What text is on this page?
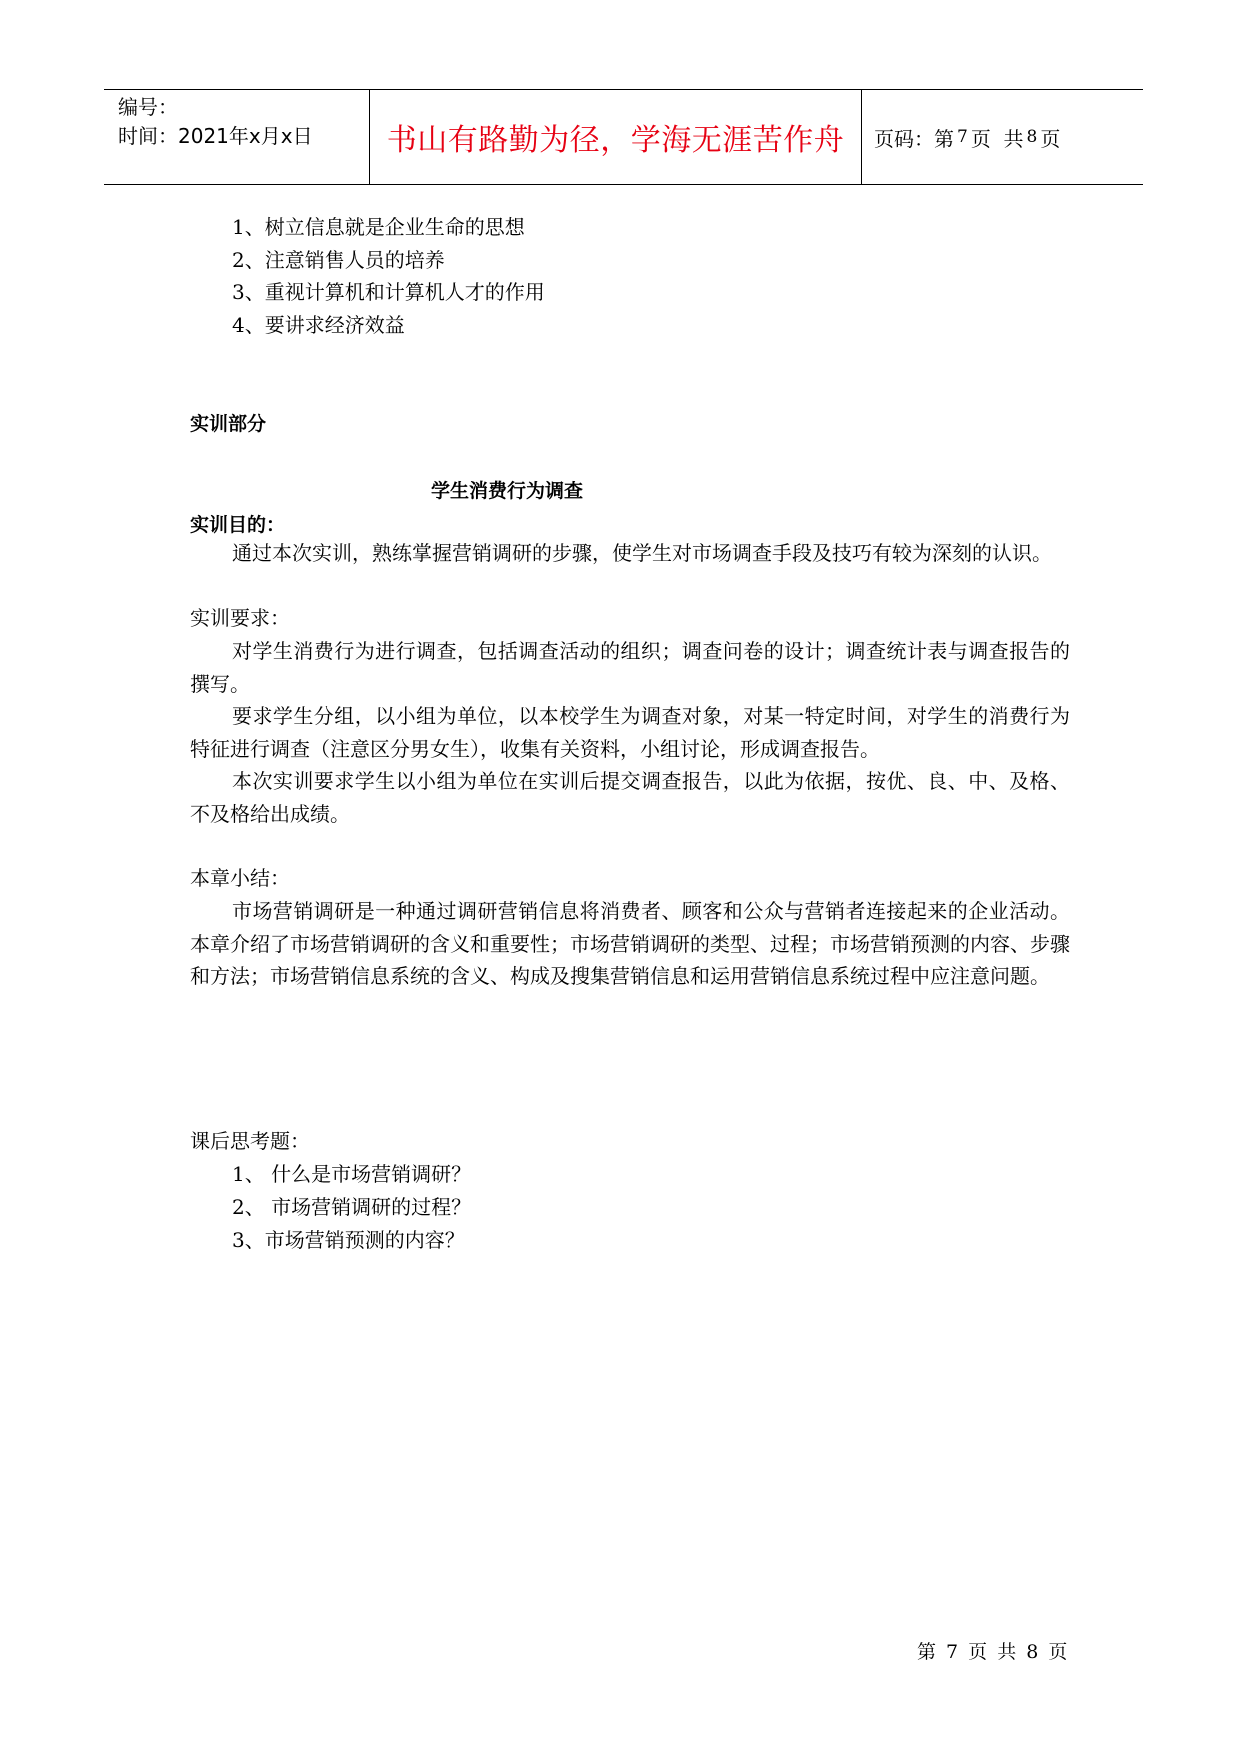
编号：
时间：2021年x月x日	书山有路勤为径，学海无涯苦作舟	页码：第 7 页  共 8 页
1、树立信息就是企业生命的思想
2、注意销售人员的培养
3、重视计算机和计算机人才的作用
4、要讲求经济效益
实训部分
学生消费行为调查
实训目的：

通过本次实训，熟练掌握营销调研的步骤，使学生对市场调查手段及技巧有较为深刻的认识。

实训要求：

对学生消费行为进行调查，包括调查活动的组织；调查问卷的设计；调查统计表与调查报告的撰写。

要求学生分组，以小组为单位，以本校学生为调查对象，对某一特定时间，对学生的消费行为特征进行调查（注意区分男女生），收集有关资料，小组讨论，形成调查报告。

本次实训要求学生以小组为单位在实训后提交调查报告，以此为依据，按优、良、中、及格、不及格给出成绩。

本章小结：

市场营销调研是一种通过调研营销信息将消费者、顾客和公众与营销者连接起来的企业活动。本章介绍了市场营销调研的含义和重要性；市场营销调研的类型、过程；市场营销预测的内容、步骤和方法；市场营销信息系统的含义、构成及搜集营销信息和运用营销信息系统过程中应注意问题。

课后思考题：
1、 什么是市场营销调研？
2、 市场营销调研的过程？
3、市场营销预测的内容？
第 7 页 共 8 页
